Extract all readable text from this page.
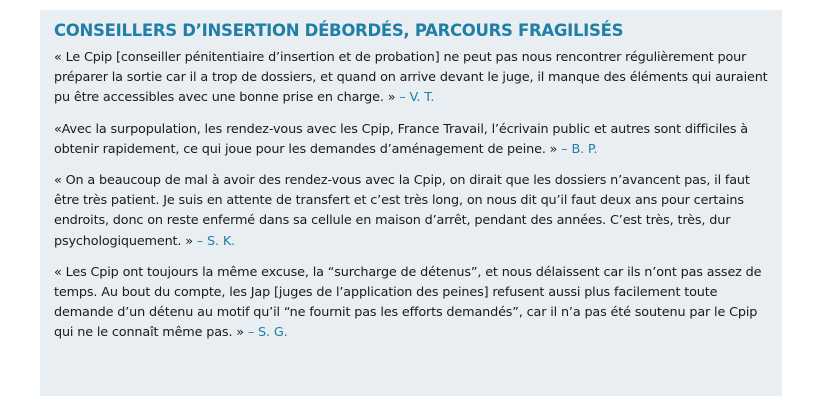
CONSEILLERS D’INSERTION DÉBORDÉS, PARCOURS FRAGILISÉS

« Le Cpip [conseiller pénitentiaire d’insertion et de probation] ne peut pas nous rencontrer régulièrement pour préparer la sortie car il a trop de dossiers, et quand on arrive devant le juge, il manque des éléments qui auraient pu être accessibles avec une bonne prise en charge. » – V. T.

«Avec la surpopulation, les rendez-vous avec les Cpip, France Travail, l’écrivain public et autres sont difficiles à obtenir rapidement, ce qui joue pour les demandes d’aménagement de peine. » – B. P.

« On a beaucoup de mal à avoir des rendez-vous avec la Cpip, on dirait que les dossiers n’avancent pas, il faut être très patient. Je suis en attente de transfert et c’est très long, on nous dit qu’il faut deux ans pour certains endroits, donc on reste enfermé dans sa cellule en maison d’arrêt, pendant des années. C’est très, très, dur psychologiquement. » – S. K.

« Les Cpip ont toujours la même excuse, la “surcharge de détenus”, et nous délaissent car ils n’ont pas assez de temps. Au bout du compte, les Jap [juges de l’application des peines] refusent aussi plus facilement toute demande d’un détenu au motif qu’il “ne fournit pas les efforts demandés”, car il n’a pas été soutenu par le Cpip qui ne le connaît même pas. » – S. G.
